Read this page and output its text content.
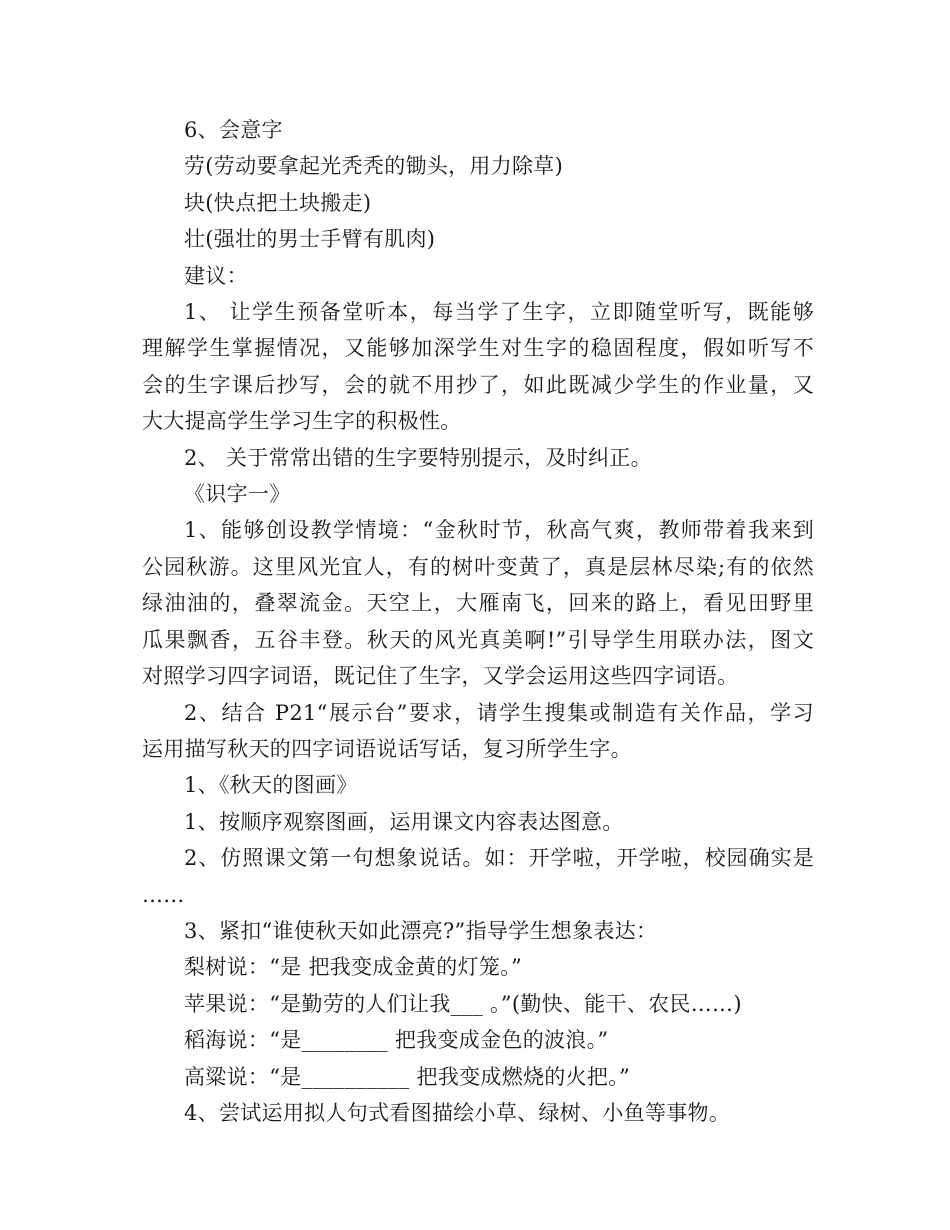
6、会意字
劳(劳动要拿起光秃秃的锄头，用力除草)
块(快点把土块搬走)
壮(强壮的男士手臂有肌肉)
建议：
1、 让学生预备堂听本，每当学了生字，立即随堂听写，既能够
理解学生掌握情况，又能够加深学生对生字的稳固程度，假如听写不
会的生字课后抄写，会的就不用抄了，如此既减少学生的作业量，又
大大提高学生学习生字的积极性。
2、 关于常常出错的生字要特别提示，及时纠正。
《识字一》
1、能够创设教学情境：“金秋时节，秋高气爽，教师带着我来到
公园秋游。这里风光宜人，有的树叶变黄了，真是层林尽染;有的依然
绿油油的，叠翠流金。天空上，大雁南飞，回来的路上，看见田野里
瓜果飘香，五谷丰登。秋天的风光真美啊!”引导学生用联办法，图文
对照学习四字词语，既记住了生字，又学会运用这些四字词语。
2、结合 P21“展示台”要求，请学生搜集或制造有关作品，学习
运用描写秋天的四字词语说话写话，复习所学生字。
1、《秋天的图画》
1、按顺序观察图画，运用课文内容表达图意。
2、仿照课文第一句想象说话。如：开学啦，开学啦，校园确实是
……
3、紧扣“谁使秋天如此漂亮?”指导学生想象表达：
梨树说：“是 把我变成金黄的灯笼。”
苹果说：“是勤劳的人们让我___ 。”(勤快、能干、农民……)
稻海说：“是________ 把我变成金色的波浪。”
高粱说：“是__________ 把我变成燃烧的火把。”
4、尝试运用拟人句式看图描绘小草、绿树、小鱼等事物。
